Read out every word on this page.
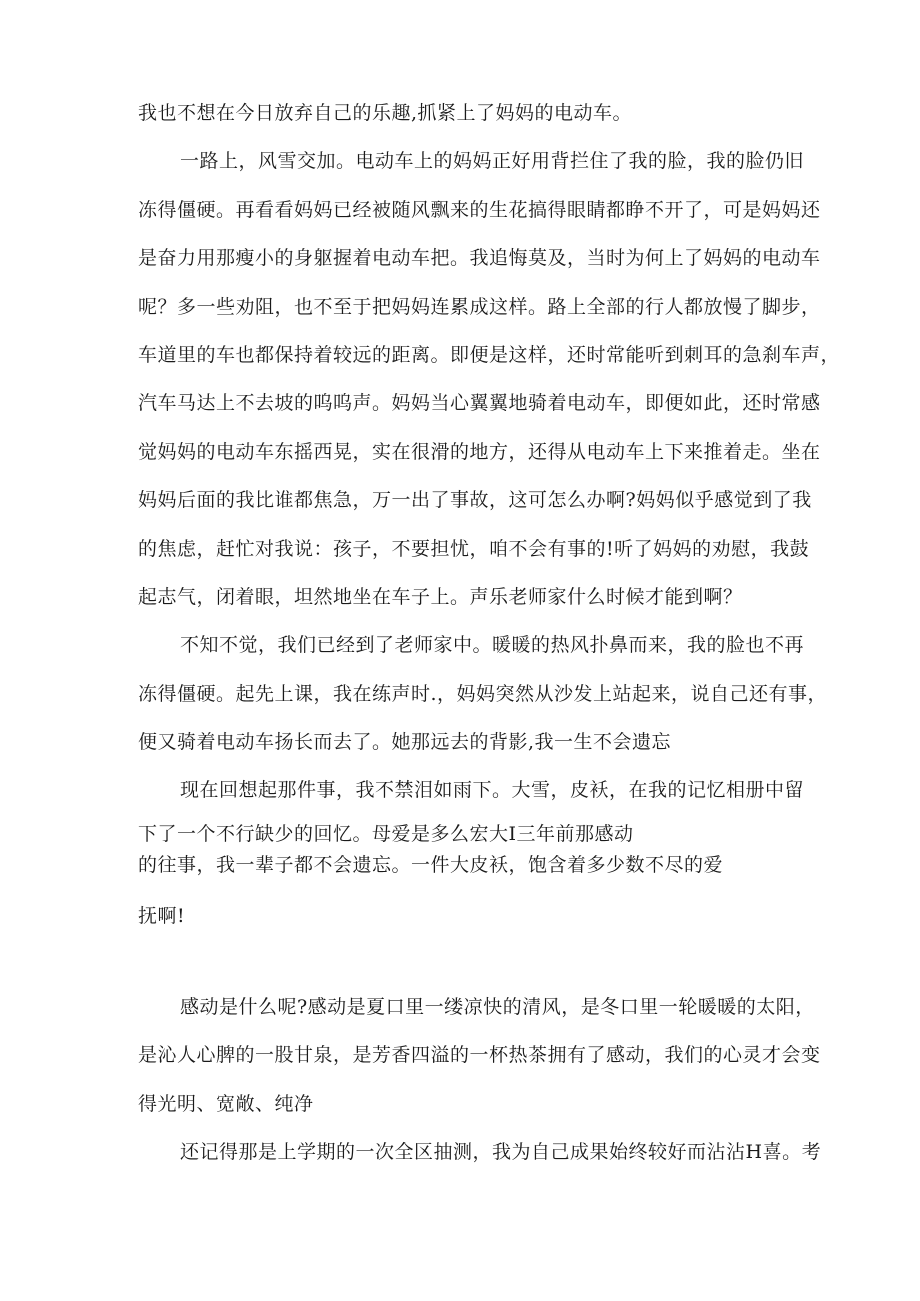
我也不想在今日放弃自己的乐趣,抓紧上了妈妈的电动车。
一路上，风雪交加。电动车上的妈妈正好用背拦住了我的脸，我的脸仍旧
冻得僵硬。再看看妈妈已经被随风飘来的生花搞得眼睛都睁不开了，可是妈妈还
是奋力用那瘦小的身躯握着电动车把。我追悔莫及，当时为何上了妈妈的电动车
呢？多一些劝阻，也不至于把妈妈连累成这样。路上全部的行人都放慢了脚步，
车道里的车也都保持着较远的距离。即便是这样，还时常能听到刺耳的急刹车声，
汽车马达上不去坡的呜呜声。妈妈当心翼翼地骑着电动车，即便如此，还时常感
觉妈妈的电动车东摇西晃，实在很滑的地方，还得从电动车上下来推着走。坐在
妈妈后面的我比谁都焦急，万一出了事故，这可怎么办啊?妈妈似乎感觉到了我
的焦虑，赶忙对我说：孩子，不要担忧，咱不会有事的!听了妈妈的劝慰，我鼓
起志气，闭着眼，坦然地坐在车子上。声乐老师家什么时候才能到啊？
不知不觉，我们已经到了老师家中。暖暖的热风扑鼻而来，我的脸也不再
冻得僵硬。起先上课，我在练声时.，妈妈突然从沙发上站起来，说自己还有事，
便又骑着电动车扬长而去了。她那远去的背影,我一生不会遗忘
现在回想起那件事，我不禁泪如雨下。大雪，皮袄，在我的记忆相册中留
下了一个不行缺少的回忆。母爱是多么宏大I三年前那感动
的往事，我一辈子都不会遗忘。一件大皮袄，饱含着多少数不尽的爱
抚啊!
感动是什么呢?感动是夏口里一缕凉快的清风，是冬口里一轮暖暖的太阳，
是沁人心脾的一股甘泉，是芳香四溢的一杯热茶拥有了感动，我们的心灵才会变
得光明、宽敞、纯净
还记得那是上学期的一次全区抽测，我为自己成果始终较好而沾沾H喜。考
